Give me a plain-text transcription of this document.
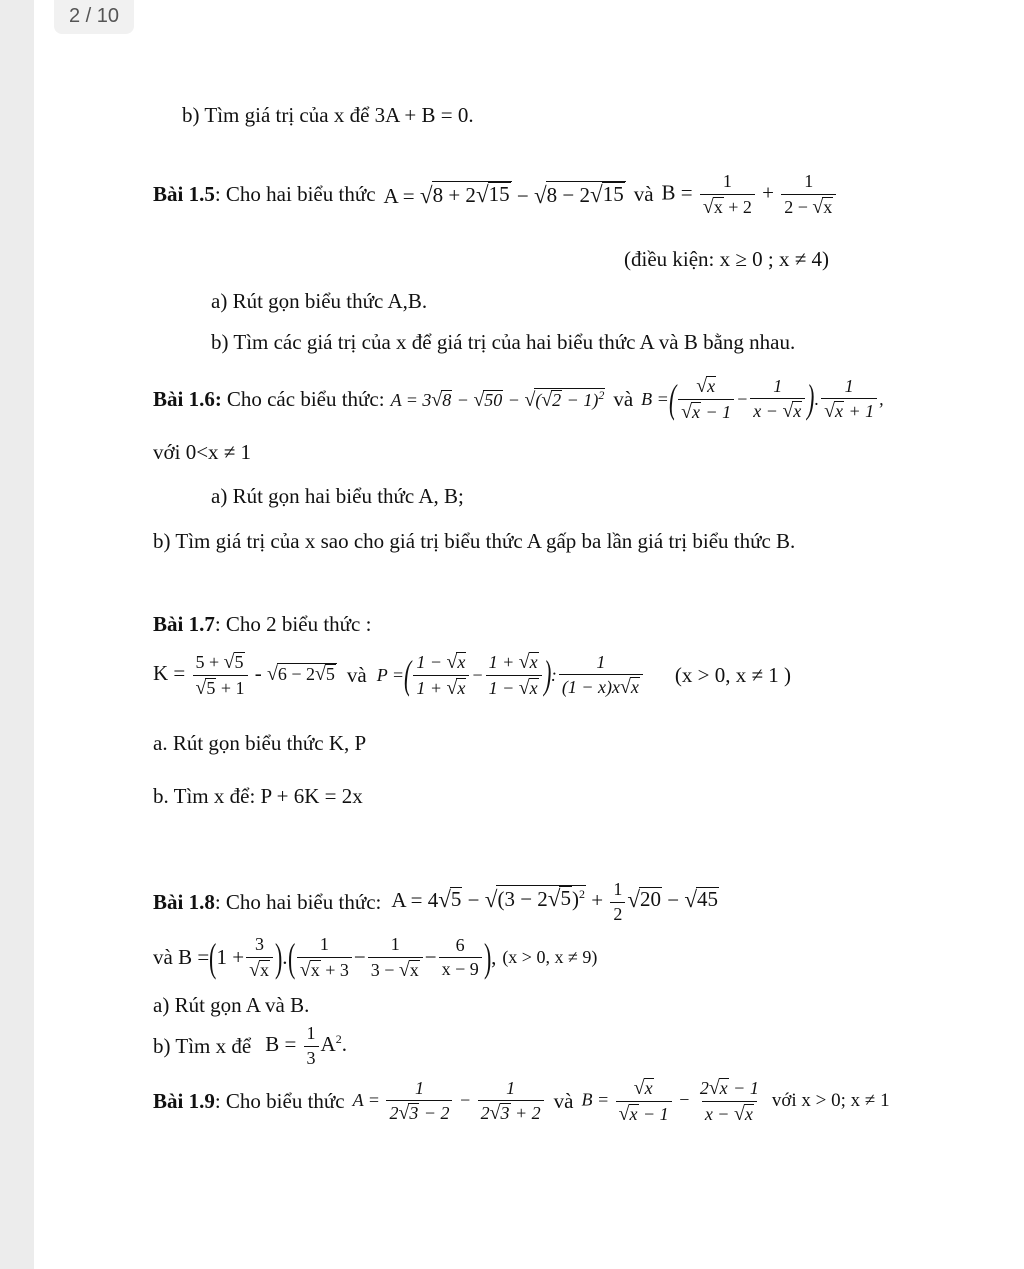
2 / 10
b) Tìm giá trị của x để 3A + B = 0.
Bài 1.5 : Cho hai biểu thức A = √ 8 + 2 √ 15 − √ 8 − 2 √ 15 và $B = \frac{1}{√ x + 2} + \frac{1}{2 - √ x}$
(điều kiện: x ≥ 0 ; x ≠ 4)
a) Rút gọn biểu thức A,B.
b) Tìm các giá trị của x để giá trị của hai biểu thức A và B bằng nhau.
Bài 1.6: Cho các biểu thức: A = 3 √ 8 − √ 50 − √ ( √ 2 − 1)$^2$ và B = ( $\frac{√ x}{√ x - 1} - \frac{1}{x - √ x}$ ) . $\frac{1}{√ x + 1}$ ,
với 0<x ≠ 1
a) Rút gọn hai biểu thức A, B;
b) Tìm giá trị của x sao cho giá trị biểu thức A gấp ba lần giá trị biểu thức B.
Bài 1.7 : Cho 2 biểu thức :
$K = \frac{5 + √ 5}{√ 5 + 1}$ - √ 6 − 2 √ 5 và P = ( $\frac{1 - √ x}{1 + √ x} - \frac{1 + √ x}{1 - √ x}$ ) : $\frac{1}{(1 - x)x √ x} (x > 0$, x ≠ 1 )
a. Rút gọn biểu thức K, P
b. Tìm x để: P + 6K = 2x
Bài 1.8 : Cho hai biểu thức: A = 4 √ 5 − √ (3 − 2 √ 5 )$^2 + \frac{1}{2}$ √ 20 − √ 45
và B = ( $1 + \frac{3}{√ x}$ ) . ( $\frac{1}{√ x + 3} - \frac{1}{3 - √ x} - \frac{6}{x - 9}$ ) , (x > 0, x ≠ 9)
a) Rút gọn A và B.
b) Tìm x để $B = \frac{1}{3} A^2$.
Bài 1.9 : Cho biểu thức $A = \frac{1}{2 √ 3 - 2} - \frac{1}{2 √ 3 + 2}$ và $B = \frac{√ x}{√ x - 1} - \frac{2 √ x - 1}{x - √ x}$ với x > 0; x ≠ 1
